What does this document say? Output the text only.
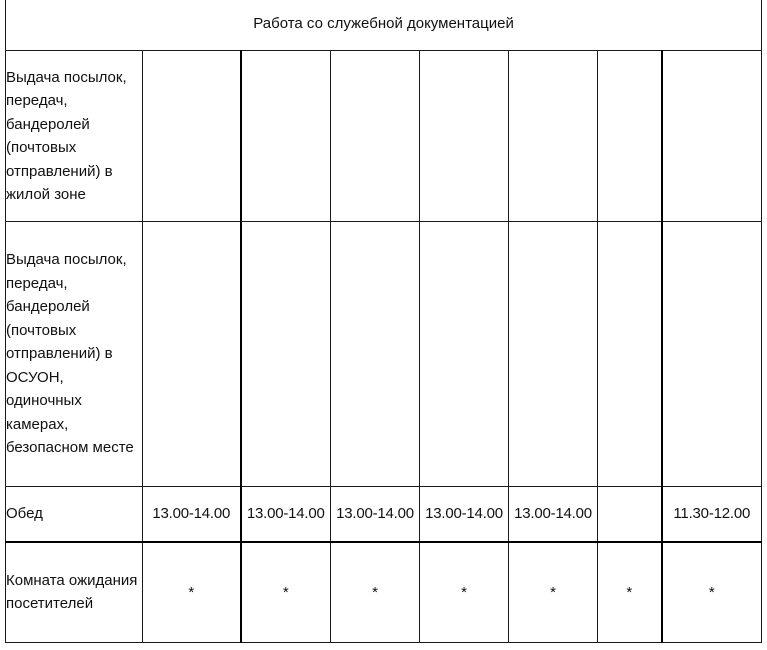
Работа со служебной документацией							

Выдача посылок, передач, бандеролей (почтовых отправлений) в жилой зоне							

Выдача посылок, передач, бандеролей (почтовых отправлений) в ОСУОН, одиночных камерах, безопасном месте							

Обед	13.00-14.00	13.00-14.00	13.00-14.00	13.00-14.00	13.00-14.00		11.30-12.00

Комната ожидания посетителей	*	*	*	*	*	*	*
